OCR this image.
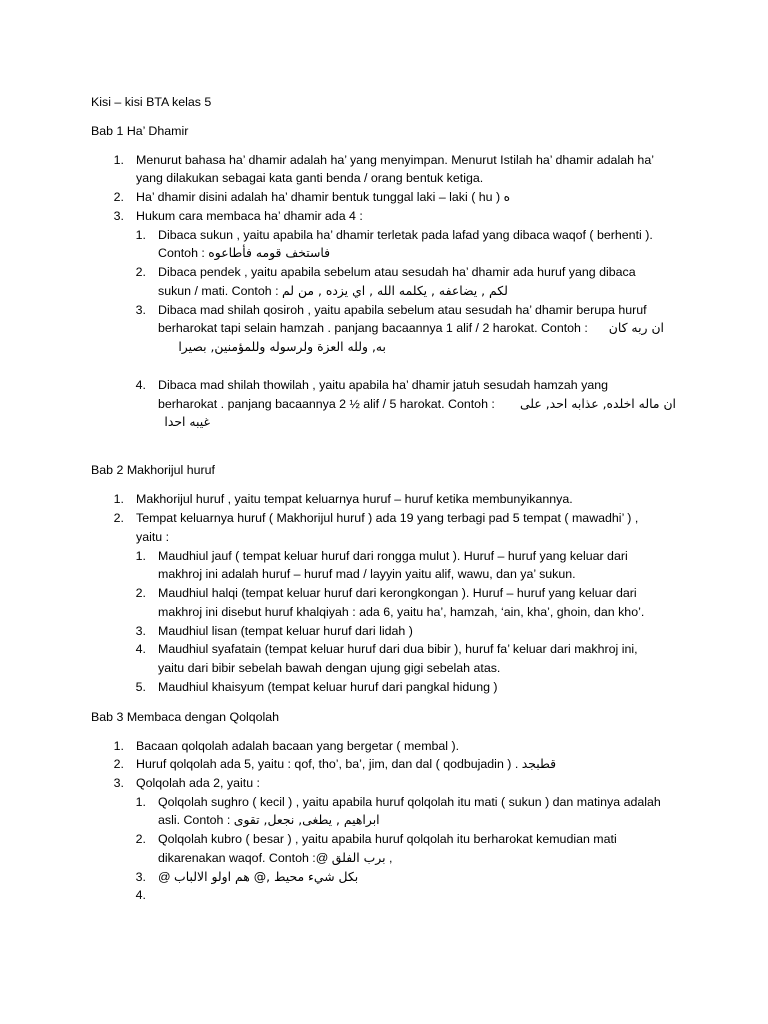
Kisi – kisi BTA kelas 5
Bab 1 Ha’ Dhamir
1. Menurut bahasa ha’ dhamir adalah ha’ yang menyimpan. Menurut Istilah ha’ dhamir adalah ha’
yang dilakukan sebagai kata ganti benda / orang bentuk ketiga.
2. Ha’ dhamir disini adalah ha’ dhamir bentuk tunggal laki – laki ( hu ) ه
3. Hukum cara membaca ha’ dhamir ada 4 :
1. Dibaca sukun , yaitu apabila ha’ dhamir terletak pada lafad yang dibaca waqof ( berhenti ).
Contoh : فاستخف قومه فأطاعوه
2. Dibaca pendek , yaitu apabila sebelum atau sesudah ha’ dhamir ada huruf yang dibaca
sukun / mati. Contoh : لكم , يضاعفه , يكلمه الله , اي يزده , من لم
3. Dibaca mad shilah qosiroh , yaitu apabila sebelum atau sesudah ha’ dhamir berupa huruf
berharokat tapi selain hamzah . panjang bacaannya 1 alif / 2 harokat. Contoh : ان ربه كان
به, ولله العزة ولرسوله وللمؤمنين, بصيرا
4. Dibaca mad shilah thowilah , yaitu apabila ha’ dhamir jatuh sesudah hamzah yang
berharokat . panjang bacaannya 2 ½ alif / 5 harokat. Contoh : ان ماله اخلده, عذابه احد, على
غيبه احدا
Bab 2 Makhorijul huruf
1. Makhorijul huruf , yaitu tempat keluarnya huruf – huruf ketika membunyikannya.
2. Tempat keluarnya huruf ( Makhorijul huruf ) ada 19 yang terbagi pad 5 tempat ( mawadhi’ ) ,
yaitu :
1. Maudhiul jauf ( tempat keluar huruf dari rongga mulut ). Huruf – huruf yang keluar dari
makhroj ini adalah huruf – huruf mad / layyin yaitu alif, wawu, dan ya’ sukun.
2. Maudhiul halqi (tempat keluar huruf dari kerongkongan ). Huruf – huruf yang keluar dari
makhroj ini disebut huruf khalqiyah : ada 6, yaitu ha’, hamzah, ‘ain, kha’, ghoin, dan kho’.
3. Maudhiul lisan (tempat keluar huruf dari lidah )
4. Maudhiul syafatain (tempat keluar huruf dari dua bibir ), huruf fa’ keluar dari makhroj ini,
yaitu dari bibir sebelah bawah dengan ujung gigi sebelah atas.
5. Maudhiul khaisyum (tempat keluar huruf dari pangkal hidung )
Bab 3 Membaca dengan Qolqolah
1. Bacaan qolqolah adalah bacaan yang bergetar ( membal ).
2. Huruf qolqolah ada 5, yaitu : qof, tho’, ba’, jim, dan dal ( qodbujadin ) . قطبجد
3. Qolqolah ada 2, yaitu :
1. Qolqolah sughro ( kecil ) , yaitu apabila huruf qolqolah itu mati ( sukun ) dan matinya adalah
asli. Contoh : ابراهيم , يطغى, نجعل, تقوى
2. Qolqolah kubro ( besar ) , yaitu apabila huruf qolqolah itu berharokat kemudian mati
dikarenakan waqof. Contoh :@ برب الفلق ,
3. @ بكل شيء محيط ,@ هم اولو الالباب
4.
